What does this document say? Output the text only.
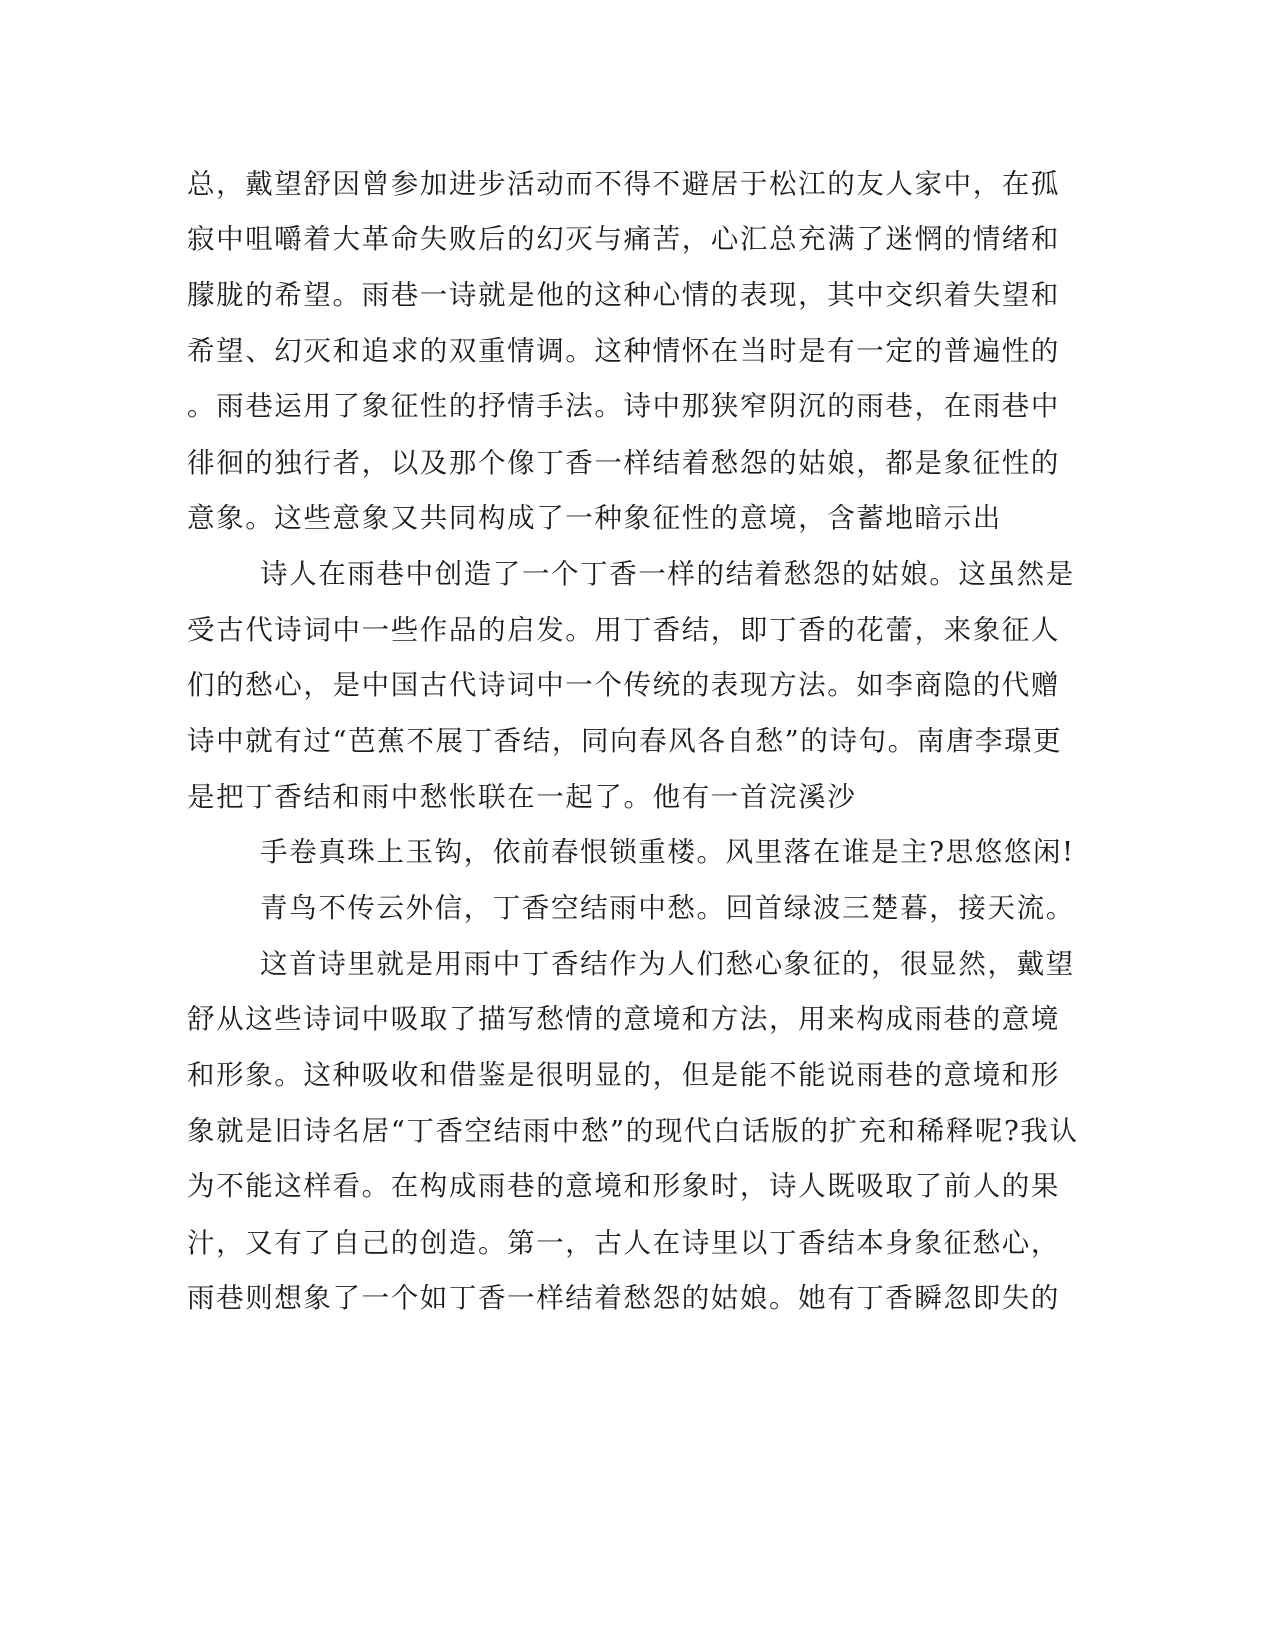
总，戴望舒因曾参加进步活动而不得不避居于松江的友人家中，在孤
寂中咀嚼着大革命失败后的幻灭与痛苦，心汇总充满了迷惘的情绪和
朦胧的希望。雨巷一诗就是他的这种心情的表现，其中交织着失望和
希望、幻灭和追求的双重情调。这种情怀在当时是有一定的普遍性的
。雨巷运用了象征性的抒情手法。诗中那狭窄阴沉的雨巷，在雨巷中
徘徊的独行者，以及那个像丁香一样结着愁怨的姑娘，都是象征性的
意象。这些意象又共同构成了一种象征性的意境，含蓄地暗示出
诗人在雨巷中创造了一个丁香一样的结着愁怨的姑娘。这虽然是
受古代诗词中一些作品的启发。用丁香结，即丁香的花蕾，来象征人
们的愁心，是中国古代诗词中一个传统的表现方法。如李商隐的代赠
诗中就有过“芭蕉不展丁香结，同向春风各自愁”的诗句。南唐李璟更
是把丁香结和雨中愁怅联在一起了。他有一首浣溪沙
手卷真珠上玉钩，依前春恨锁重楼。风里落在谁是主?思悠悠闲!
青鸟不传云外信，丁香空结雨中愁。回首绿波三楚暮，接天流。
这首诗里就是用雨中丁香结作为人们愁心象征的，很显然，戴望
舒从这些诗词中吸取了描写愁情的意境和方法，用来构成雨巷的意境
和形象。这种吸收和借鉴是很明显的，但是能不能说雨巷的意境和形
象就是旧诗名居“丁香空结雨中愁”的现代白话版的扩充和稀释呢?我认
为不能这样看。在构成雨巷的意境和形象时，诗人既吸取了前人的果
汁，又有了自己的创造。第一，古人在诗里以丁香结本身象征愁心，
雨巷则想象了一个如丁香一样结着愁怨的姑娘。她有丁香瞬忽即失的
